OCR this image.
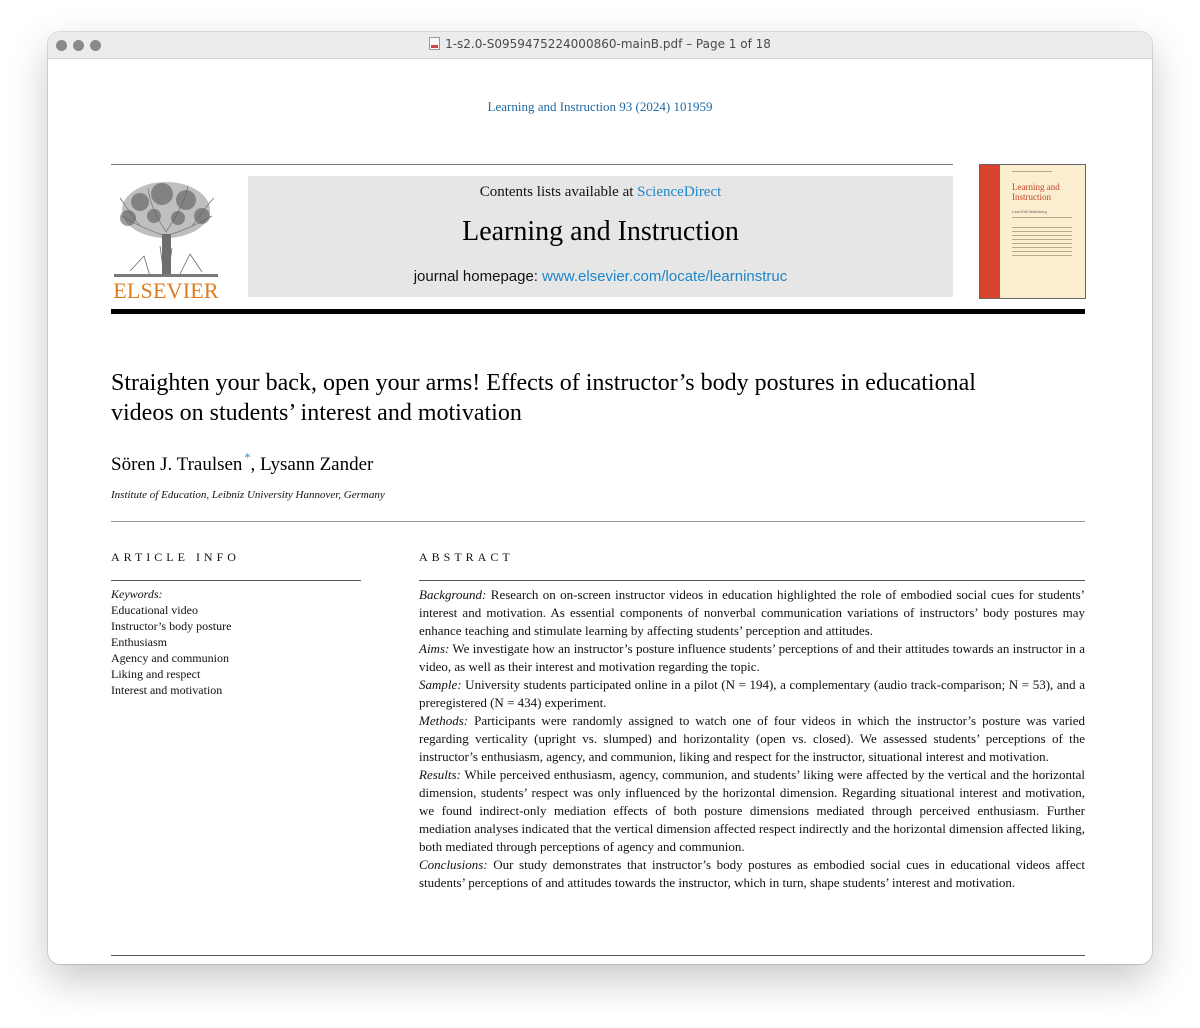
1-s2.0-S0959475224000860-mainB.pdf – Page 1 of 18
Learning and Instruction 93 (2024) 101959
ELSEVIER
Contents lists available at ScienceDirect
Learning and Instruction
journal homepage: www.elsevier.com/locate/learninstruc
Learning and Instruction
Lars-Erik Malmberg
Straighten your back, open your arms! Effects of instructor’s body postures in educational videos on students’ interest and motivation
Sören J. Traulsen *, Lysann Zander
Institute of Education, Leibniz University Hannover, Germany
ARTICLE INFO
Keywords:
Educational video
Instructor’s body posture
Enthusiasm
Agency and communion
Liking and respect
Interest and motivation
ABSTRACT

Background: Research on on-screen instructor videos in education highlighted the role of embodied social cues for students’ interest and motivation. As essential components of nonverbal communication variations of instructors’ body postures may enhance teaching and stimulate learning by affecting students’ perception and attitudes.

Aims: We investigate how an instructor’s posture influence students’ perceptions of and their attitudes towards an instructor in a video, as well as their interest and motivation regarding the topic.

Sample: University students participated online in a pilot (N = 194), a complementary (audio track-comparison; N = 53), and a preregistered (N = 434) experiment.

Methods: Participants were randomly assigned to watch one of four videos in which the instructor’s posture was varied regarding verticality (upright vs. slumped) and horizontality (open vs. closed). We assessed students’ perceptions of the instructor’s enthusiasm, agency, and communion, liking and respect for the instructor, situational interest and motivation.

Results: While perceived enthusiasm, agency, communion, and students’ liking were affected by the vertical and the horizontal dimension, students’ respect was only influenced by the horizontal dimension. Regarding situational interest and motivation, we found indirect-only mediation effects of both posture dimensions mediated through perceived enthusiasm. Further mediation analyses indicated that the vertical dimension affected respect indirectly and the horizontal dimension affected liking, both mediated through perceptions of agency and communion.

Conclusions: Our study demonstrates that instructor’s body postures as embodied social cues in educational videos affect students’ perceptions of and attitudes towards the instructor, which in turn, shape students’ interest and motivation.
